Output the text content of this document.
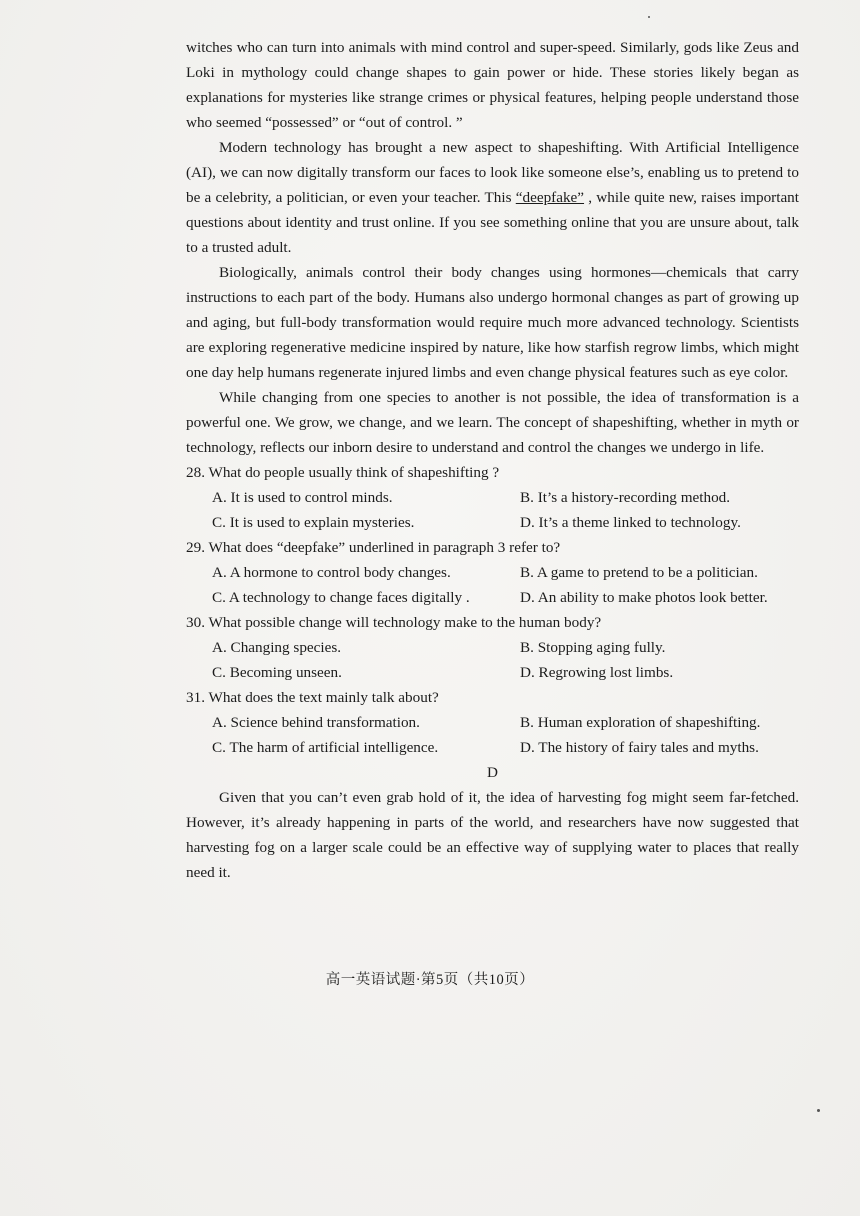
witches who can turn into animals with mind control and super-speed. Similarly, gods like Zeus and Loki in mythology could change shapes to gain power or hide. These stories likely began as explanations for mysteries like strange crimes or physical features, helping people understand those who seemed “possessed” or “out of control. ”

Modern technology has brought a new aspect to shapeshifting. With Artificial Intelligence (AI), we can now digitally transform our faces to look like someone else’s, enabling us to pretend to be a celebrity, a politician, or even your teacher. This “deepfake” , while quite new, raises important questions about identity and trust online. If you see something online that you are unsure about, talk to a trusted adult.

Biologically, animals control their body changes using hormones—chemicals that carry instructions to each part of the body. Humans also undergo hormonal changes as part of growing up and aging, but full-body transformation would require much more advanced technology. Scientists are exploring regenerative medicine inspired by nature, like how starfish regrow limbs, which might one day help humans regenerate injured limbs and even change physical features such as eye color.

While changing from one species to another is not possible, the idea of transformation is a powerful one. We grow, we change, and we learn. The concept of shapeshifting, whether in myth or technology, reflects our inborn desire to understand and control the changes we undergo in life.

28. What do people usually think of shapeshifting ?

A. It is used to control minds.	B. It’s a history-recording method.
C. It is used to explain mysteries.	D. It’s a theme linked to technology.

29. What does “deepfake” underlined in paragraph 3 refer to?

A. A hormone to control body changes.	B. A game to pretend to be a politician.
C. A technology to change faces digitally .	D. An ability to make photos look better.

30. What possible change will technology make to the human body?

A. Changing species.	B. Stopping aging fully.
C. Becoming unseen.	D. Regrowing lost limbs.

31. What does the text mainly talk about?

A. Science behind transformation.	B. Human exploration of shapeshifting.
C. The harm of artificial intelligence.	D. The history of fairy tales and myths.

D

Given that you can’t even grab hold of it, the idea of harvesting fog might seem far-fetched. However, it’s already happening in parts of the world, and researchers have now suggested that harvesting fog on a larger scale could be an effective way of supplying water to places that really need it.

高一英语试题·第5页（共10页）
